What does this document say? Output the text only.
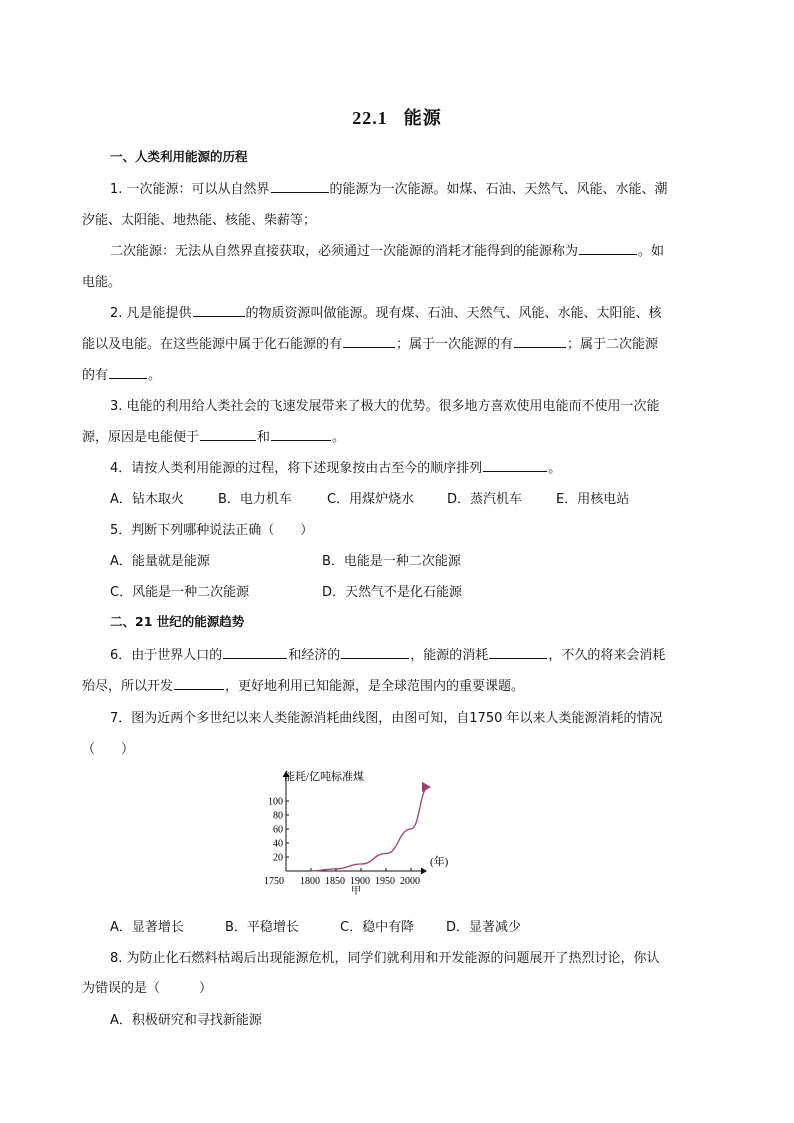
22.1 能源
一、人类利用能源的历程
1. 一次能源：可以从自然界	的能源为一次能源。如煤、石油、天然气、风能、水能、潮
汐能、太阳能、地热能、核能、柴薪等；
二次能源：无法从自然界直接获取，必须通过一次能源的消耗才能得到的能源称为	。如
电能。
2. 凡是能提供	的物质资源叫做能源。现有煤、石油、天然气、风能、水能、太阳能、核
能以及电能。在这些能源中属于化石能源的有	；属于一次能源的有	；属于二次能源
的有	。
3. 电能的利用给人类社会的飞速发展带来了极大的优势。很多地方喜欢使用电能而不使用一次能
源，原因是电能便于	和	。
4．请按人类利用能源的过程，将下述现象按由古至今的顺序排列	。
A．钻木取火	B．电力机车	C．用煤炉烧水	D．蒸汽机车	E．用核电站
5．判断下列哪种说法正确（　　）
A．能量就是能源	B．电能是一种二次能源
C．风能是一种二次能源	D．天然气不是化石能源
二、21 世纪的能源趋势
6．由于世界人口的	和经济的	，能源的消耗	，不久的将来会消耗
殆尽，所以开发	，更好地利用已知能源，是全球范围内的重要课题。
7．图为近两个多世纪以来人类能源消耗曲线图，由图可知，自1750 年以来人类能源消耗的情况
（　　）
能耗/亿吨标准煤
(年)
甲
20
40
60
80
100
1750 1800 1850 1900 1950 2000
A．显著增长	B．平稳增长	C．稳中有降 D．显著减少
8. 为防止化石燃料枯竭后出现能源危机，同学们就利用和开发能源的问题展开了热烈讨论，你认
为错误的是（　　　）
A．积极研究和寻找新能源
